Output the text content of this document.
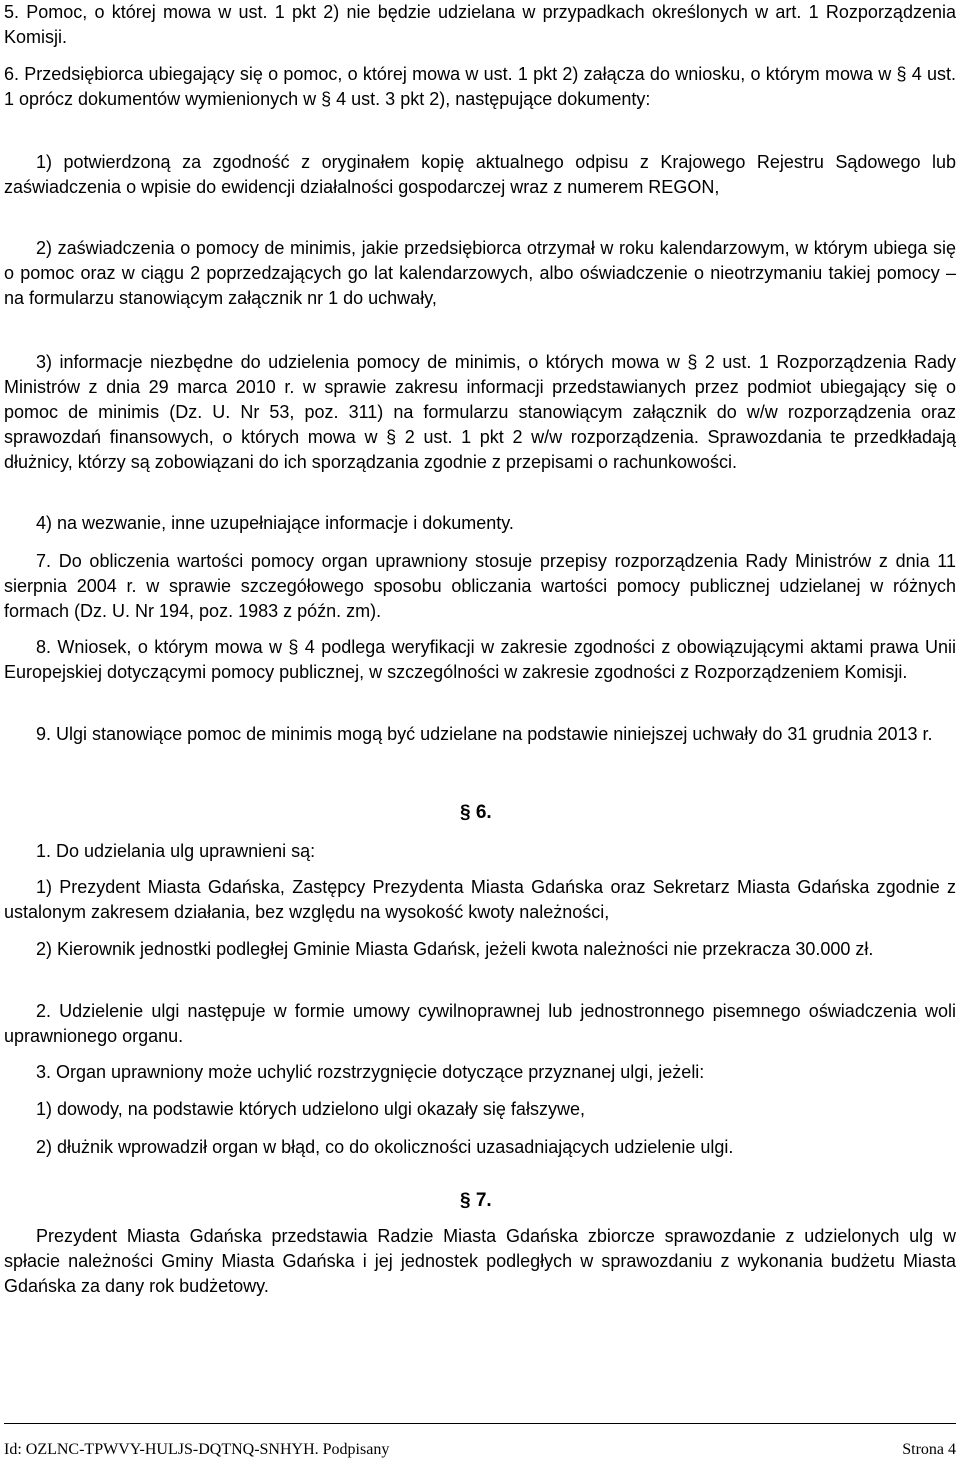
5. Pomoc, o której mowa w ust. 1 pkt 2) nie będzie udzielana w przypadkach określonych w art. 1 Rozporządzenia Komisji.

6. Przedsiębiorca ubiegający się o pomoc, o której mowa w ust. 1 pkt 2) załącza do wniosku, o którym mowa w § 4 ust. 1 oprócz dokumentów wymienionych w § 4 ust. 3 pkt 2), następujące dokumenty:

1) potwierdzoną za zgodność z oryginałem kopię aktualnego odpisu z Krajowego Rejestru Sądowego lub zaświadczenia o wpisie do ewidencji działalności gospodarczej wraz z numerem REGON,

2) zaświadczenia o pomocy de minimis, jakie przedsiębiorca otrzymał w roku kalendarzowym, w którym ubiega się o pomoc oraz w ciągu 2 poprzedzających go lat kalendarzowych, albo oświadczenie o nieotrzymaniu takiej pomocy – na formularzu stanowiącym załącznik nr 1 do uchwały,

3) informacje niezbędne do udzielenia pomocy de minimis, o których mowa w § 2 ust. 1 Rozporządzenia Rady Ministrów z dnia 29 marca 2010 r. w sprawie zakresu informacji przedstawianych przez podmiot ubiegający się o pomoc de minimis (Dz. U. Nr 53, poz. 311) na formularzu stanowiącym załącznik do w/w rozporządzenia oraz sprawozdań finansowych, o których mowa w § 2 ust. 1 pkt 2 w/w rozporządzenia. Sprawozdania te przedkładają dłużnicy, którzy są zobowiązani do ich sporządzania zgodnie z przepisami o rachunkowości.

4) na wezwanie, inne uzupełniające informacje i dokumenty.

7. Do obliczenia wartości pomocy organ uprawniony stosuje przepisy rozporządzenia Rady Ministrów z dnia 11 sierpnia 2004 r. w sprawie szczegółowego sposobu obliczania wartości pomocy publicznej udzielanej w różnych formach (Dz. U. Nr 194, poz. 1983 z późn. zm).

8. Wniosek, o którym mowa w § 4 podlega weryfikacji w zakresie zgodności z obowiązującymi aktami prawa Unii Europejskiej dotyczącymi pomocy publicznej, w szczególności w zakresie zgodności z Rozporządzeniem Komisji.

9. Ulgi stanowiące pomoc de minimis mogą być udzielane na podstawie niniejszej uchwały do 31 grudnia 2013 r.

§ 6.

1. Do udzielania ulg uprawnieni są:

1) Prezydent Miasta Gdańska, Zastępcy Prezydenta Miasta Gdańska oraz Sekretarz Miasta Gdańska zgodnie z ustalonym zakresem działania, bez względu na wysokość kwoty należności,

2) Kierownik jednostki podległej Gminie Miasta Gdańsk, jeżeli kwota należności nie przekracza 30.000 zł.

2. Udzielenie ulgi następuje w formie umowy cywilnoprawnej lub jednostronnego pisemnego oświadczenia woli uprawnionego organu.

3. Organ uprawniony może uchylić rozstrzygnięcie dotyczące przyznanej ulgi, jeżeli:

1) dowody, na podstawie których udzielono ulgi okazały się fałszywe,

2) dłużnik wprowadził organ w błąd, co do okoliczności uzasadniających udzielenie ulgi.

§ 7.

Prezydent Miasta Gdańska przedstawia Radzie Miasta Gdańska zbiorcze sprawozdanie z udzielonych ulg w spłacie należności Gminy Miasta Gdańska i jej jednostek podległych w sprawozdaniu z wykonania budżetu Miasta Gdańska za dany rok budżetowy.

Id: OZLNC-TPWVY-HULJS-DQTNQ-SNHYH. Podpisany	Strona 4
